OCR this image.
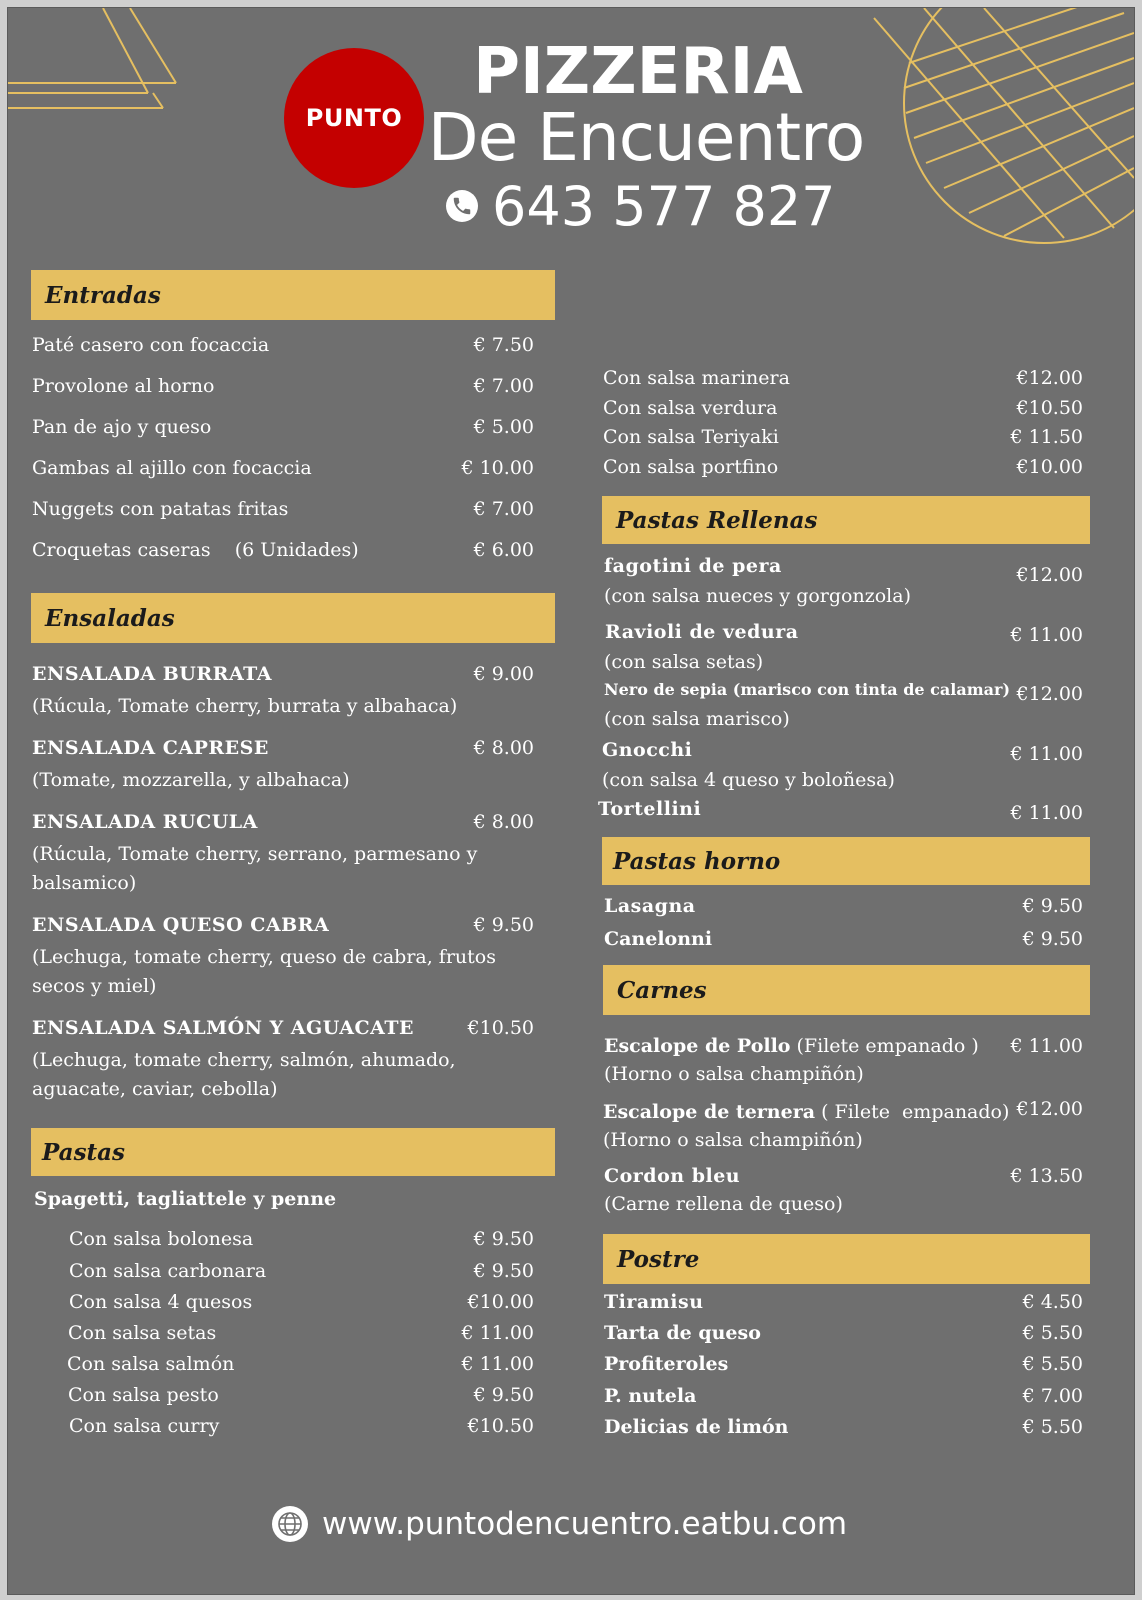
PUNTO
PIZZERIA
De Encuentro
643 577 827
Entradas
Paté casero con focaccia	€ 7.50
Provolone al horno	€ 7.00
Pan de ajo y queso	€ 5.00
Gambas al ajillo con focaccia	€ 10.00
Nuggets con patatas fritas	€ 7.00
Croquetas caseras    (6 Unidades)	€ 6.00
Ensaladas
ENSALADA BURRATA	€ 9.00
(Rúcula, Tomate cherry, burrata y albahaca)
ENSALADA CAPRESE	€ 8.00
(Tomate, mozzarella, y albahaca)
ENSALADA RUCULA	€ 8.00
(Rúcula, Tomate cherry, serrano, parmesano y balsamico)
ENSALADA QUESO CABRA	€ 9.50
(Lechuga, tomate cherry, queso de cabra, frutos secos y miel)
ENSALADA SALMÓN Y AGUACATE	€10.50
(Lechuga, tomate cherry, salmón, ahumado, aguacate, caviar, cebolla)
Pastas
Spagetti, tagliattele y penne
Con salsa bolonesa	€ 9.50
Con salsa carbonara	€ 9.50
Con salsa 4 quesos	€10.00
Con salsa setas	€ 11.00
Con salsa salmón	€ 11.00
Con salsa pesto	€ 9.50
Con salsa curry	€10.50
Con salsa marinera	€12.00
Con salsa verdura	€10.50
Con salsa Teriyaki	€ 11.50
Con salsa portfino	€10.00
Pastas Rellenas
fagotini de pera	€12.00
(con salsa nueces y gorgonzola)
Ravioli de vedura	€ 11.00
(con salsa setas)
Nero de sepia (marisco con tinta de calamar) €12.00
(con salsa marisco)
Gnocchi	€ 11.00
(con salsa 4 queso y boloñesa)
Tortellini	€ 11.00
Pastas horno
Lasagna	€ 9.50
Canelonni	€ 9.50
Carnes
Escalope de Pollo (Filete empanado )	€ 11.00
(Horno o salsa champiñón)
Escalope de ternera ( Filete  empanado) €12.00
(Horno o salsa champiñón)
Cordon bleu	€ 13.50
(Carne rellena de queso)
Postre
Tiramisu	€ 4.50
Tarta de queso	€ 5.50
Profiteroles	€ 5.50
P. nutela	€ 7.00
Delicias de limón	€ 5.50
www.puntodencuentro.eatbu.com
